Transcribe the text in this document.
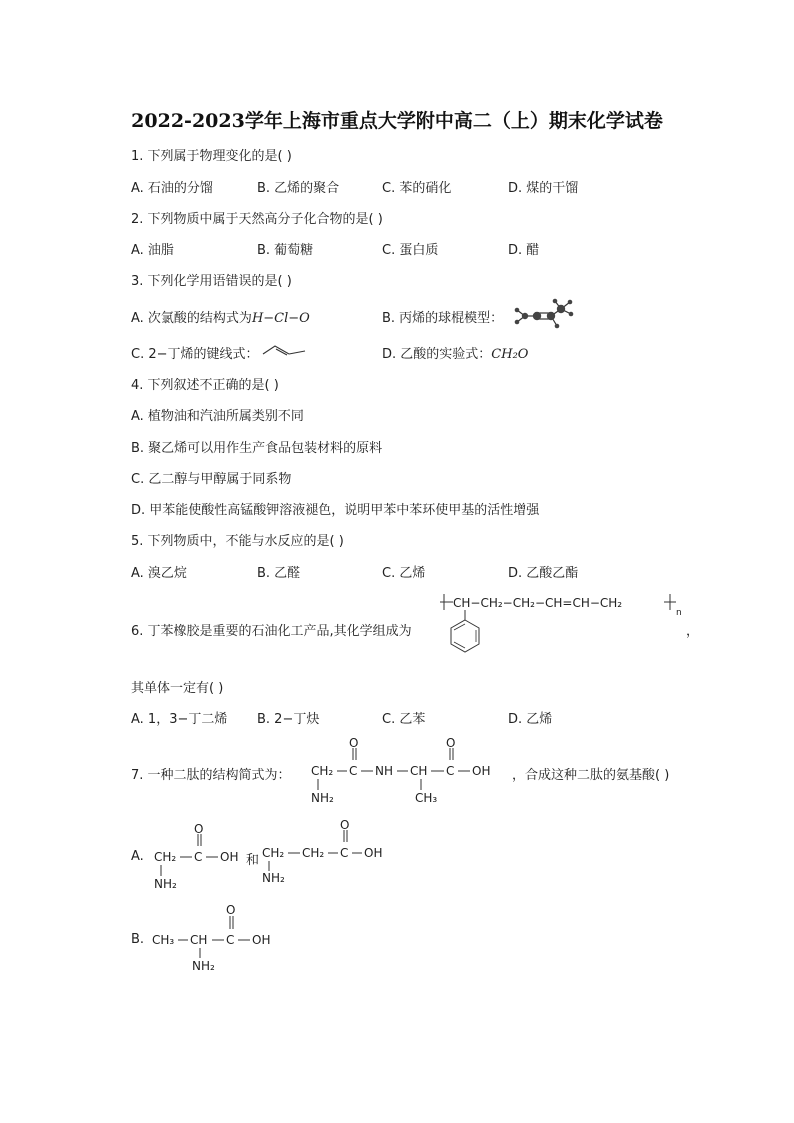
2022-2023学年上海市重点大学附中高二（上）期末化学试卷
1. 下列属于物理变化的是( )
A. 石油的分馏	B. 乙烯的聚合	C. 苯的硝化	D. 煤的干馏
2. 下列物质中属于天然高分子化合物的是( )
A. 油脂	B. 葡萄糖	C. 蛋白质	D. 醋
3. 下列化学用语错误的是( )
A. 次氯酸的结构式为H−Cl−O	B. 丙烯的球棍模型：
C. 2−丁烯的键线式：	D. 乙酸的实验式：CH₂O
4. 下列叙述不正确的是( )
A. 植物油和汽油所属类别不同
B. 聚乙烯可以用作生产食品包装材料的原料
C. 乙二醇与甲醇属于同系物
D. 甲苯能使酸性高锰酸钾溶液褪色，说明甲苯中苯环使甲基的活性增强
5. 下列物质中，不能与水反应的是( )
A. 溴乙烷	B. 乙醛	C. 乙烯	D. 乙酸乙酯
6. 丁苯橡胶是重要的石油化工产品,其化学组成为
CH−CH₂−CH₂−CH=CH−CH₂
n
，
其单体一定有( )
A. 1，3−丁二烯 B. 2−丁炔	C. 乙苯	D. 乙烯
7. 一种二肽的结构简式为： CH₂ C
O
NH CH C
O
OH
NH₂	CH₃
，合成这种二肽的氨基酸( )
A. CH₂ C
O
OH
NH₂
和 CH₂ CH₂ C
O
OH
NH₂
B. CH₃ CH C
O
OH
NH₂
